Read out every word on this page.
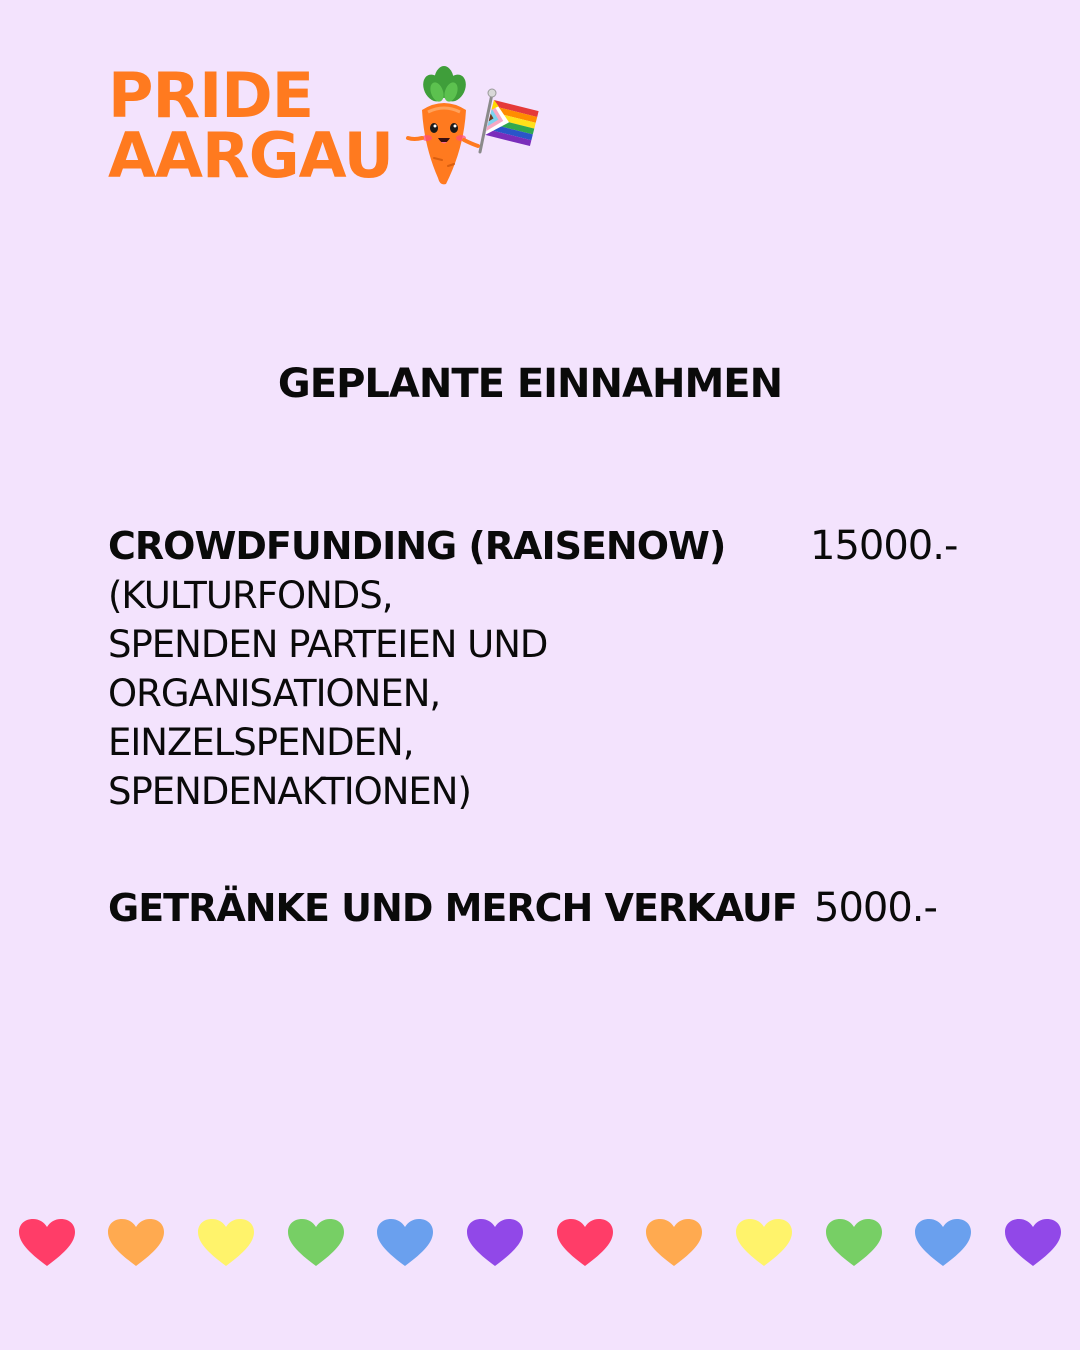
PRIDE
AARGAU
GEPLANTE EINNAHMEN
CROWDFUNDING (RAISENOW)
(KULTURFONDS,
SPENDEN PARTEIEN UND
ORGANISATIONEN,
EINZELSPENDEN,
SPENDENAKTIONEN)
15000.-
GETRÄNKE UND MERCH VERKAUF 5000.-
